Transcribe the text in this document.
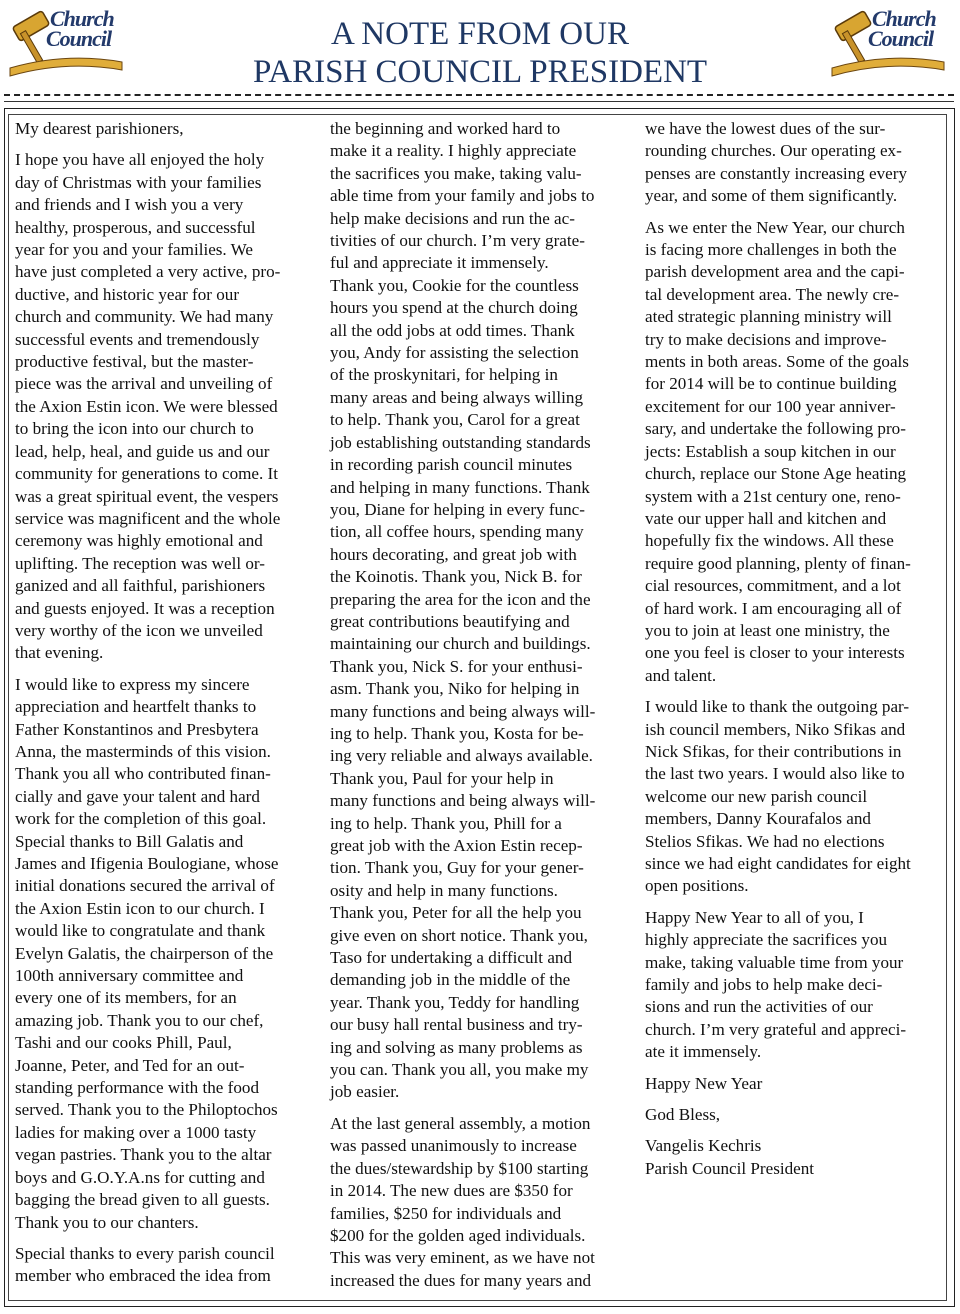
Church
Council
Church
Council
A NOTE FROM OUR
PARISH COUNCIL PRESIDENT

My dearest parishioners,

I hope you have all enjoyed the holy
day of Christmas with your families
and friends and I wish you a very
healthy, prosperous, and successful
year for you and your families. We
have just completed a very active, pro-
ductive, and historic year for our
church and community. We had many
successful events and tremendously
productive festival, but the master-
piece was the arrival and unveiling of
the Axion Estin icon. We were blessed
to bring the icon into our church to
lead, help, heal, and guide us and our
community for generations to come. It
was a great spiritual event, the vespers
service was magnificent and the whole
ceremony was highly emotional and
uplifting. The reception was well or-
ganized and all faithful, parishioners
and guests enjoyed. It was a reception
very worthy of the icon we unveiled
that evening.

I would like to express my sincere
appreciation and heartfelt thanks to
Father Konstantinos and Presbytera
Anna, the masterminds of this vision.
Thank you all who contributed finan-
cially and gave your talent and hard
work for the completion of this goal.
Special thanks to Bill Galatis and
James and Ifigenia Boulogiane, whose
initial donations secured the arrival of
the Axion Estin icon to our church. I
would like to congratulate and thank
Evelyn Galatis, the chairperson of the
100th anniversary committee and
every one of its members, for an
amazing job. Thank you to our chef,
Tashi and our cooks Phill, Paul,
Joanne, Peter, and Ted for an out-
standing performance with the food
served. Thank you to the Philoptochos
ladies for making over a 1000 tasty
vegan pastries. Thank you to the altar
boys and G.O.Y.A.ns for cutting and
bagging the bread given to all guests.
Thank you to our chanters.

Special thanks to every parish council
member who embraced the idea from

the beginning and worked hard to
make it a reality. I highly appreciate
the sacrifices you make, taking valu-
able time from your family and jobs to
help make decisions and run the ac-
tivities of our church. I’m very grate-
ful and appreciate it immensely.
Thank you, Cookie for the countless
hours you spend at the church doing
all the odd jobs at odd times. Thank
you, Andy for assisting the selection
of the proskynitari, for helping in
many areas and being always willing
to help. Thank you, Carol for a great
job establishing outstanding standards
in recording parish council minutes
and helping in many functions. Thank
you, Diane for helping in every func-
tion, all coffee hours, spending many
hours decorating, and great job with
the Koinotis. Thank you, Nick B. for
preparing the area for the icon and the
great contributions beautifying and
maintaining our church and buildings.
Thank you, Nick S. for your enthusi-
asm. Thank you, Niko for helping in
many functions and being always will-
ing to help. Thank you, Kosta for be-
ing very reliable and always available.
Thank you, Paul for your help in
many functions and being always will-
ing to help. Thank you, Phill for a
great job with the Axion Estin recep-
tion. Thank you, Guy for your gener-
osity and help in many functions.
Thank you, Peter for all the help you
give even on short notice. Thank you,
Taso for undertaking a difficult and
demanding job in the middle of the
year. Thank you, Teddy for handling
our busy hall rental business and try-
ing and solving as many problems as
you can. Thank you all, you make my
job easier.

At the last general assembly, a motion
was passed unanimously to increase
the dues/stewardship by $100 starting
in 2014. The new dues are $350 for
families, $250 for individuals and
$200 for the golden aged individuals.
This was very eminent, as we have not
increased the dues for many years and

we have the lowest dues of the sur-
rounding churches. Our operating ex-
penses are constantly increasing every
year, and some of them significantly.

As we enter the New Year, our church
is facing more challenges in both the
parish development area and the capi-
tal development area. The newly cre-
ated strategic planning ministry will
try to make decisions and improve-
ments in both areas. Some of the goals
for 2014 will be to continue building
excitement for our 100 year anniver-
sary, and undertake the following pro-
jects: Establish a soup kitchen in our
church, replace our Stone Age heating
system with a 21st century one, reno-
vate our upper hall and kitchen and
hopefully fix the windows. All these
require good planning, plenty of finan-
cial resources, commitment, and a lot
of hard work. I am encouraging all of
you to join at least one ministry, the
one you feel is closer to your interests
and talent.

I would like to thank the outgoing par-
ish council members, Niko Sfikas and
Nick Sfikas, for their contributions in
the last two years. I would also like to
welcome our new parish council
members, Danny Kourafalos and
Stelios Sfikas. We had no elections
since we had eight candidates for eight
open positions.

Happy New Year to all of you, I
highly appreciate the sacrifices you
make, taking valuable time from your
family and jobs to help make deci-
sions and run the activities of our
church. I’m very grateful and appreci-
ate it immensely.

Happy New Year

God Bless,

Vangelis Kechris
Parish Council President
